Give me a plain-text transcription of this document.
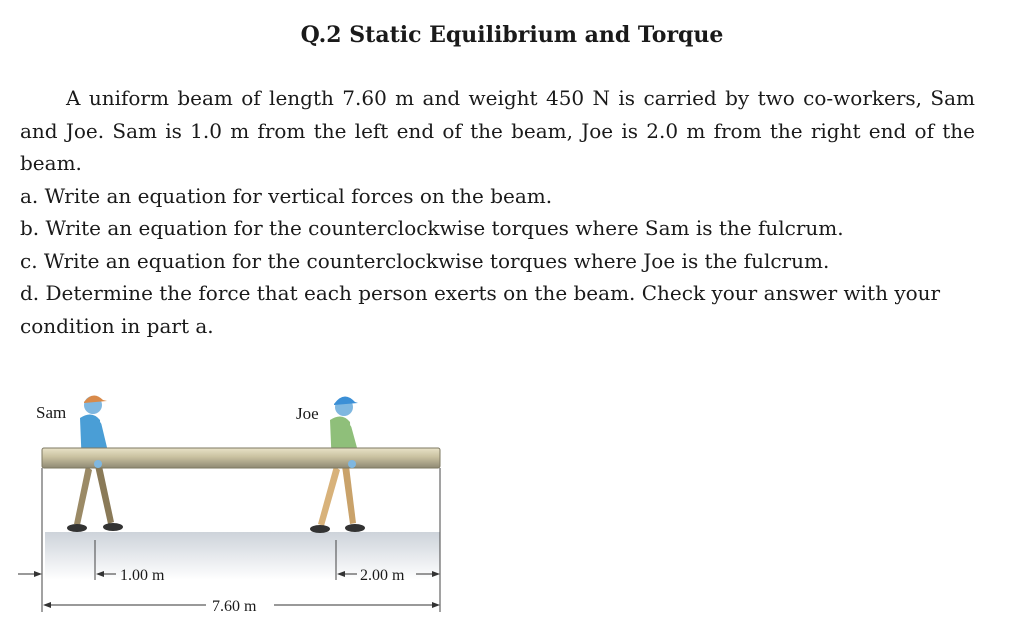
Q.2 Static Equilibrium and Torque

A uniform beam of length 7.60 m and weight 450 N is carried by two co-workers, Sam and Joe. Sam is 1.0 m from the left end of the beam, Joe is 2.0 m from the right end of the beam.

a. Write an equation for vertical forces on the beam.

b. Write an equation for the counterclockwise torques where Sam is the fulcrum.

c. Write an equation for the counterclockwise torques where Joe is the fulcrum.

d. Determine the force that each person exerts on the beam. Check your answer with your condition in part a.

Sam	Joe
1.00 m	2.00 m
7.60 m
